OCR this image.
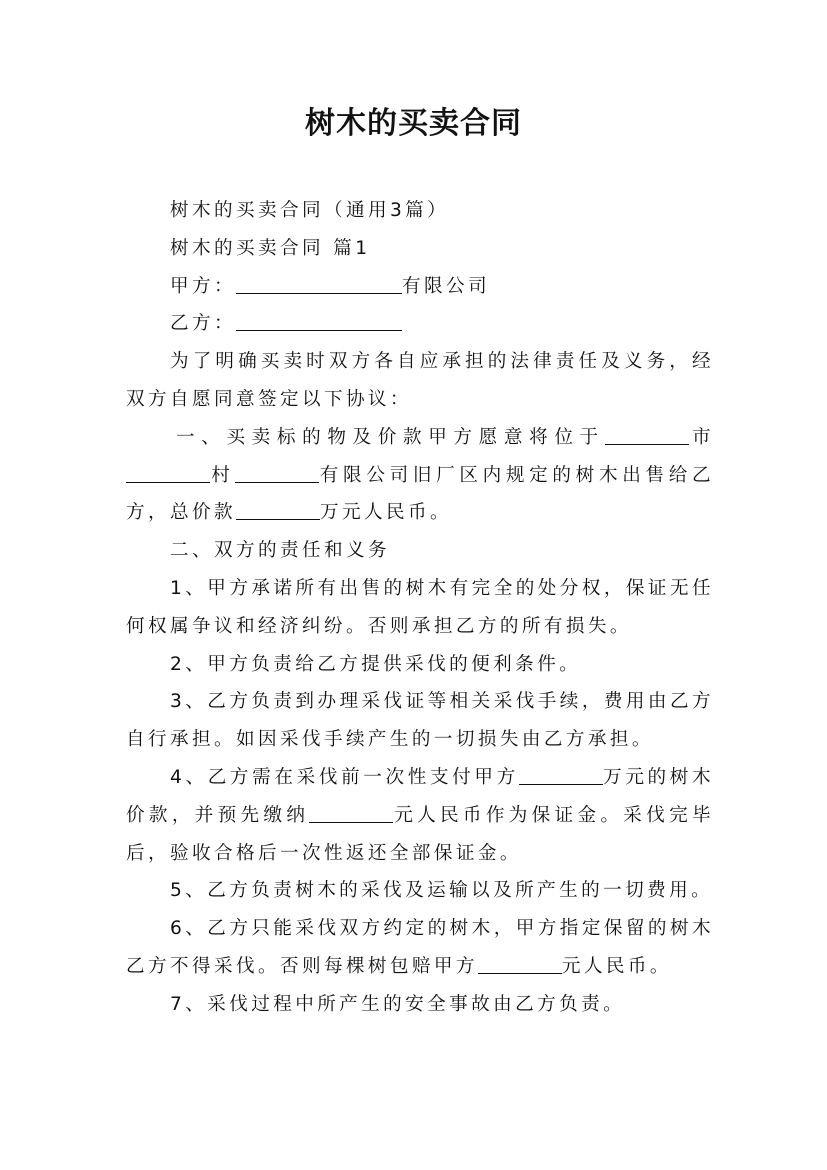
树木的买卖合同

树木的买卖合同（通用3篇）

树木的买卖合同 篇1

甲方：	有限公司

乙方：

为了明确买卖时双方各自应承担的法律责任及义务，经双方自愿同意签定以下协议：

一、买卖标的物及价款甲方愿意将位于	市村	有限公司旧厂区内规定的树木出售给乙方，总价款	万元人民币。

二、双方的责任和义务

1、甲方承诺所有出售的树木有完全的处分权，保证无任何权属争议和经济纠纷。否则承担乙方的所有损失。

2、甲方负责给乙方提供采伐的便利条件。

3、乙方负责到办理采伐证等相关采伐手续，费用由乙方自行承担。如因采伐手续产生的一切损失由乙方承担。

4、乙方需在采伐前一次性支付甲方	万元的树木价款，并预先缴纳	元人民币作为保证金。采伐完毕后，验收合格后一次性返还全部保证金。

5、乙方负责树木的采伐及运输以及所产生的一切费用。

6、乙方只能采伐双方约定的树木，甲方指定保留的树木乙方不得采伐。否则每棵树包赔甲方	元人民币。

7、采伐过程中所产生的安全事故由乙方负责。
